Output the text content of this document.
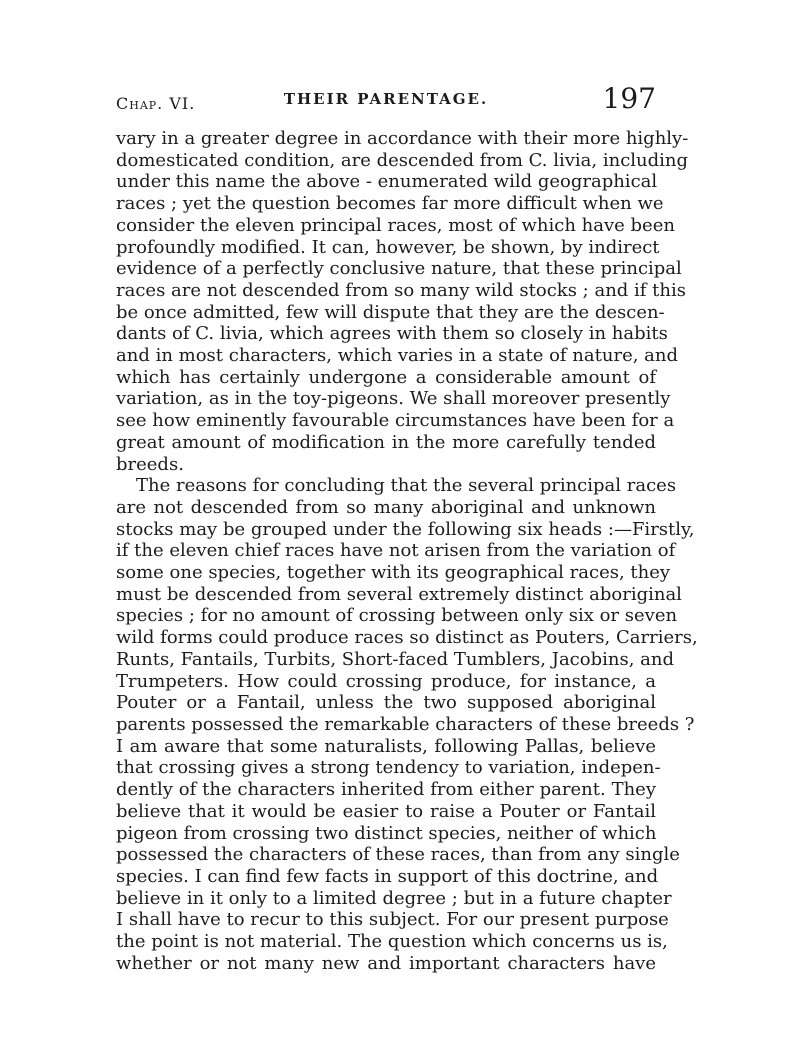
Chap. VI.	THEIR PARENTAGE.	197
vary in a greater degree in accordance with their more highly-
domesticated condition, are descended from C. livia, including
under this name the above - enumerated wild geographical
races ; yet the question becomes far more difficult when we
consider the eleven principal races, most of which have been
profoundly modified. It can, however, be shown, by indirect
evidence of a perfectly conclusive nature, that these principal
races are not descended from so many wild stocks ; and if this
be once admitted, few will dispute that they are the descen-
dants of C. livia, which agrees with them so closely in habits
and in most characters, which varies in a state of nature, and
which has certainly undergone a considerable amount of
variation, as in the toy-pigeons. We shall moreover presently
see how eminently favourable circumstances have been for a
great amount of modification in the more carefully tended
breeds.
The reasons for concluding that the several principal races
are not descended from so many aboriginal and unknown
stocks may be grouped under the following six heads :—Firstly,
if the eleven chief races have not arisen from the variation of
some one species, together with its geographical races, they
must be descended from several extremely distinct aboriginal
species ; for no amount of crossing between only six or seven
wild forms could produce races so distinct as Pouters, Carriers,
Runts, Fantails, Turbits, Short-faced Tumblers, Jacobins, and
Trumpeters. How could crossing produce, for instance, a
Pouter or a Fantail, unless the two supposed aboriginal
parents possessed the remarkable characters of these breeds ?
I am aware that some naturalists, following Pallas, believe
that crossing gives a strong tendency to variation, indepen-
dently of the characters inherited from either parent. They
believe that it would be easier to raise a Pouter or Fantail
pigeon from crossing two distinct species, neither of which
possessed the characters of these races, than from any single
species. I can find few facts in support of this doctrine, and
believe in it only to a limited degree ; but in a future chapter
I shall have to recur to this subject. For our present purpose
the point is not material. The question which concerns us is,
whether or not many new and important characters have
